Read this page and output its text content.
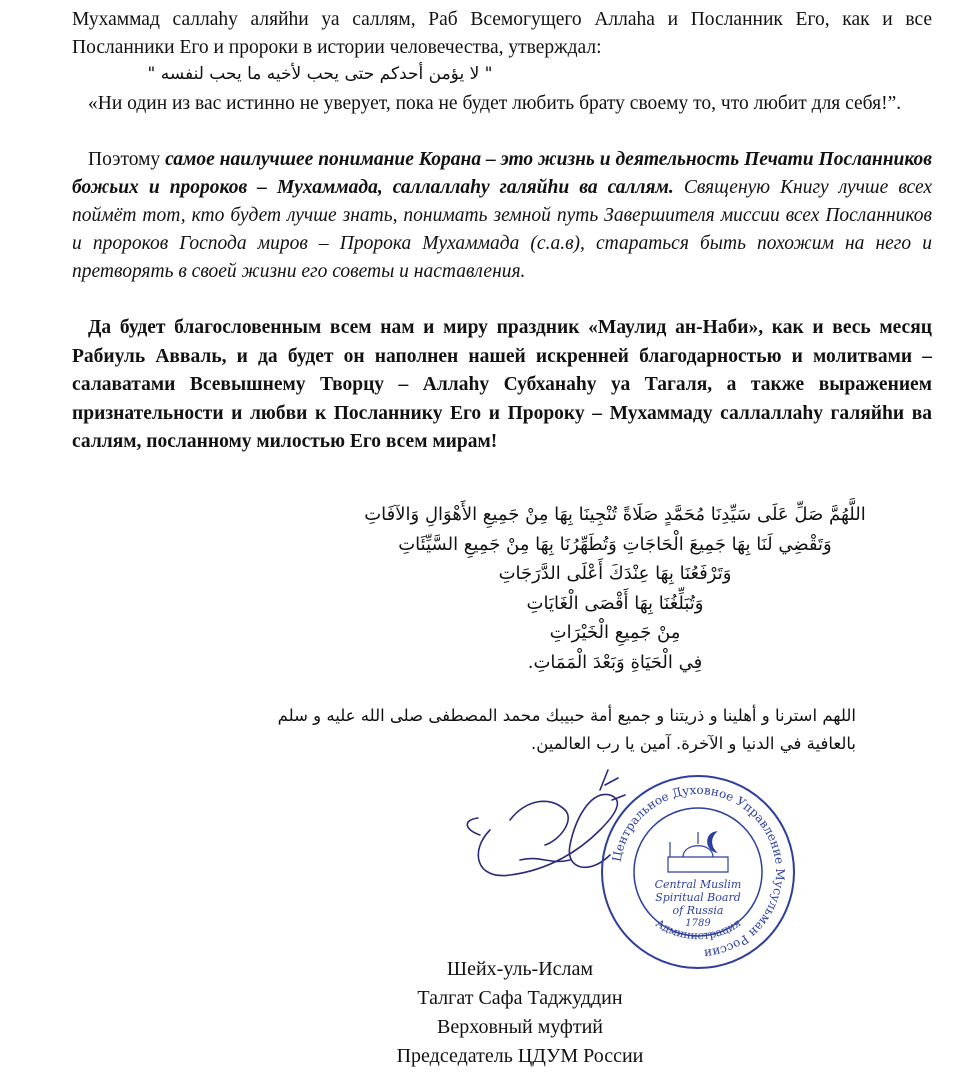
Мухаммад саллаһу аляйһи уа саллям, Раб Всемогущего Аллаһа и Посланник Его, как и все Посланники Его и пророки в истории человечества, утверждал:

" لا يؤمن أحدكم حتى يحب لأخيه ما يحب لنفسه "

«Ни один из вас истинно не уверует, пока не будет любить брату своему то, что любит для себя!”.

Поэтому самое наилучшее понимание Корана – это жизнь и деятельность Печати Посланников божьих и пророков – Мухаммада, саллаллаһу галяйһи ва саллям. Священую Книгу лучше всех поймёт тот, кто будет лучше знать, понимать земной путь Завершителя миссии всех Посланников и пророков Господа миров – Пророка Мухаммада (с.а.в), стараться быть похожим на него и претворять в своей жизни его советы и наставления.

Да будет благословенным всем нам и миру праздник «Маулид ан-Наби», как и весь месяц Рабиуль Авваль, и да будет он наполнен нашей искренней благодарностью и молитвами – салаватами Всевышнему Творцу – Аллаһу Субханаһу уа Тагаля, а также выражением признательности и любви к Посланнику Его и Пророку – Мухаммаду саллаллаһу галяйһи ва саллям, посланному милостью Его всем мирам!

اللَّهُمَّ صَلِّ عَلَى سَيِّدِنَا مُحَمَّدٍ صَلَاةً تُنْجِينَا بِهَا مِنْ جَمِيعِ الأَهْوَالِ وَالآفَاتِ
وَتَقْضِي لَنَا بِهَا جَمِيعَ الْحَاجَاتِ وَتُطَهِّرُنَا بِهَا مِنْ جَمِيعِ السَّيِّئَاتِ
وَتَرْفَعُنَا بِهَا عِنْدَكَ أَعْلَى الدَّرَجَاتِ
وَتُبَلِّغُنَا بِهَا أَقْصَى الْغَايَاتِ
مِنْ جَمِيعِ الْخَيْرَاتِ
فِي الْحَيَاةِ وَبَعْدَ الْمَمَاتِ.
اللهم استرنا و أهلينا و ذريتنا و جميع أمة حبيبك محمد المصطفى صلى الله عليه و سلم
بالعافية في الدنيا و الآخرة. آمين يا رب العالمين.
Центральное Духовное Управление Мусульман России
Администрация
Central Muslim
Spiritual Board
of Russia
1789
Шейх-уль-Ислам
Талгат Сафа Таджуддин
Верховный муфтий
Председатель ЦДУМ России
